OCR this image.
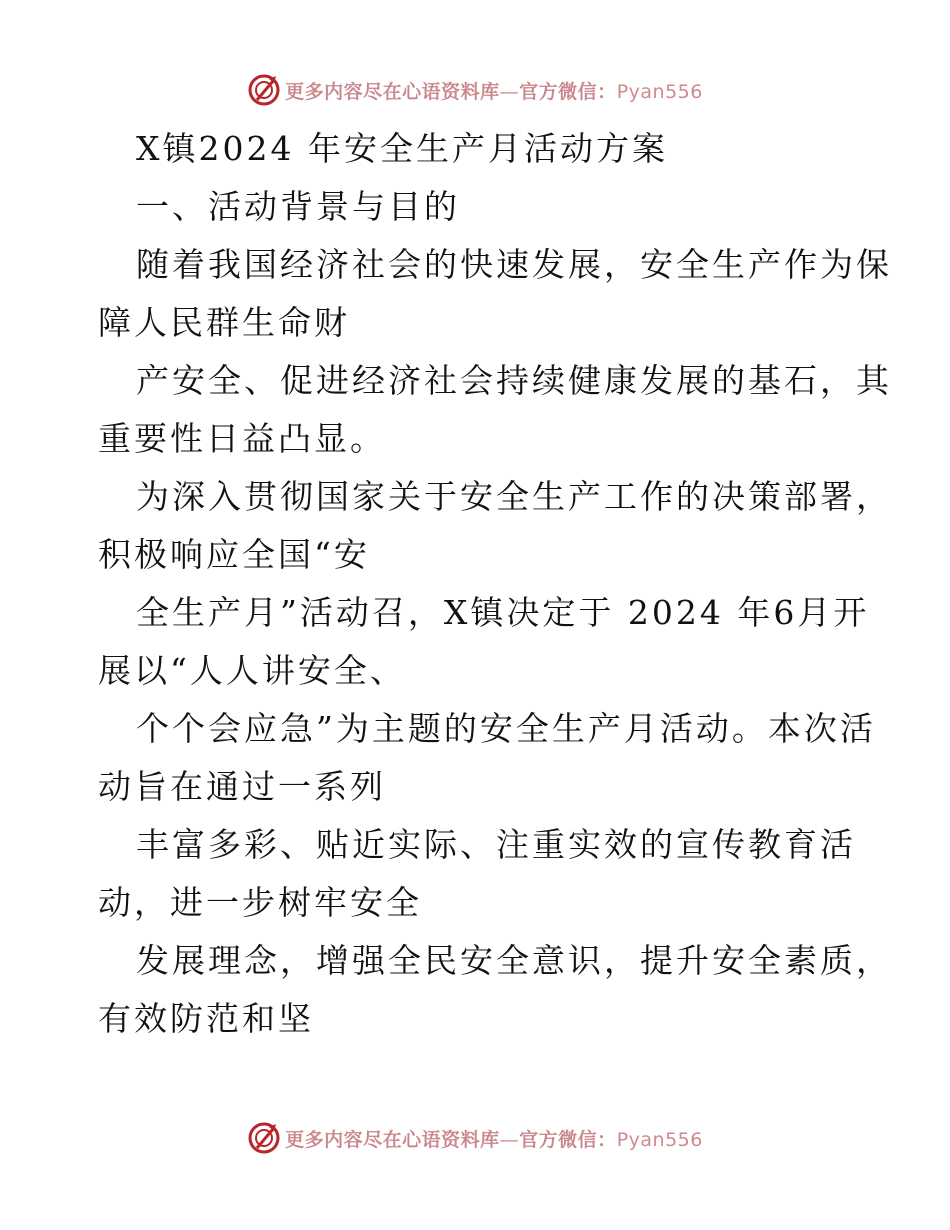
更多内容尽在心语资料库—官方微信：Pyan556
X镇2024 年安全生产月活动方案
一、活动背景与目的
随着我国经济社会的快速发展，安全生产作为保
障人民群生命财
产安全、促进经济社会持续健康发展的基石，其
重要性日益凸显。
为深入贯彻国家关于安全生产工作的决策部署，
积极响应全国“安
全生产月”活动召，X镇决定于 2024 年6月开
展以“人人讲安全、
个个会应急”为主题的安全生产月活动。本次活
动旨在通过一系列
丰富多彩、贴近实际、注重实效的宣传教育活
动，进一步树牢安全
发展理念，增强全民安全意识，提升安全素质，
有效防范和坚
更多内容尽在心语资料库—官方微信：Pyan556
